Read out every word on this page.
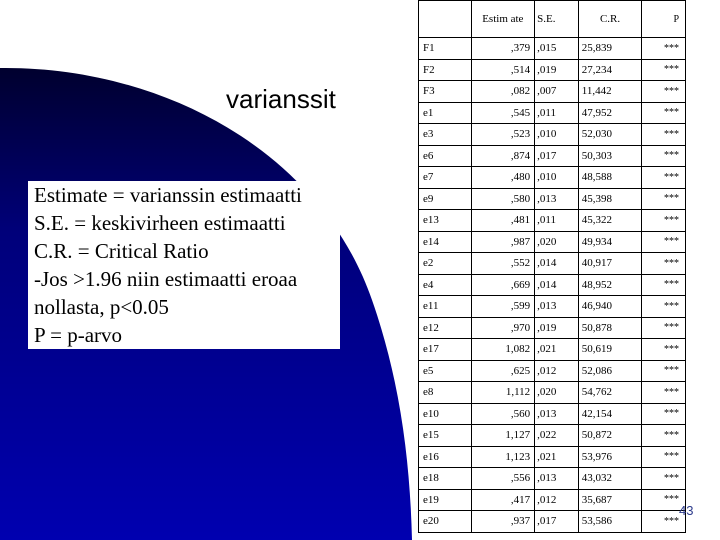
varianssit
Estimate = varianssin estimaatti
S.E. = keskivirheen estimaatti
C.R. = Critical Ratio
-Jos >1.96 niin estimaatti eroaa
nollasta, p<0.05
P = p-arvo
	Estim ate	S.E.	C.R.	P
F1	,379	,015	25,839	***
F2	,514	,019	27,234	***
F3	,082	,007	11,442	***
e1	,545	,011	47,952	***
e3	,523	,010	52,030	***
e6	,874	,017	50,303	***
e7	,480	,010	48,588	***
e9	,580	,013	45,398	***
e13	,481	,011	45,322	***
e14	,987	,020	49,934	***
e2	,552	,014	40,917	***
e4	,669	,014	48,952	***
e11	,599	,013	46,940	***
e12	,970	,019	50,878	***
e17	1,082	,021	50,619	***
e5	,625	,012	52,086	***
e8	1,112	,020	54,762	***
e10	,560	,013	42,154	***
e15	1,127	,022	50,872	***
e16	1,123	,021	53,976	***
e18	,556	,013	43,032	***
e19	,417	,012	35,687	***
e20	,937	,017	53,586	***
43
